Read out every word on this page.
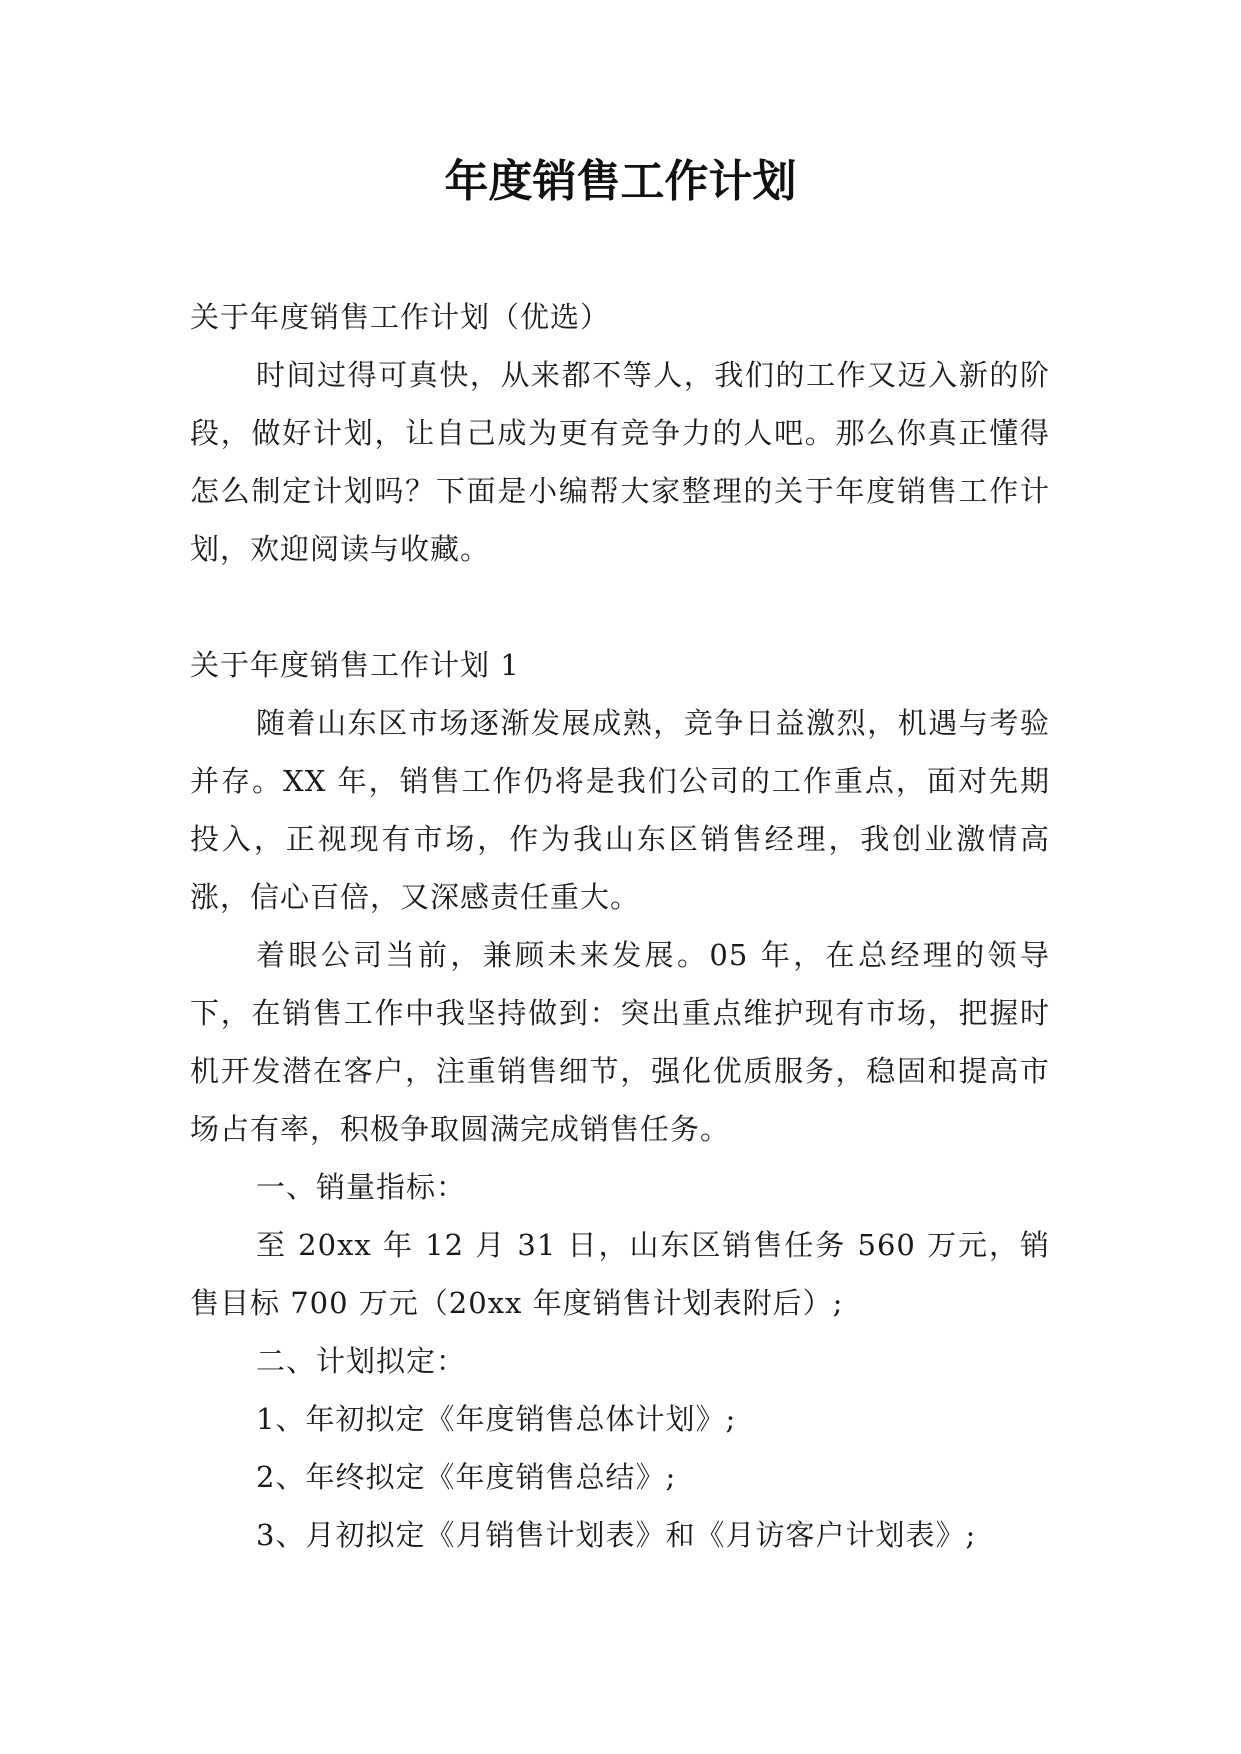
年度销售工作计划

关于年度销售工作计划（优选）

时间过得可真快，从来都不等人，我们的工作又迈入新的阶段，做好计划，让自己成为更有竞争力的人吧。那么你真正懂得怎么制定计划吗？下面是小编帮大家整理的关于年度销售工作计划，欢迎阅读与收藏。

关于年度销售工作计划 1

随着山东区市场逐渐发展成熟，竞争日益激烈，机遇与考验并存。XX 年，销售工作仍将是我们公司的工作重点，面对先期投入，正视现有市场，作为我山东区销售经理，我创业激情高涨，信心百倍，又深感责任重大。

着眼公司当前，兼顾未来发展。05 年，在总经理的领导下，在销售工作中我坚持做到：突出重点维护现有市场，把握时机开发潜在客户，注重销售细节，强化优质服务，稳固和提高市场占有率，积极争取圆满完成销售任务。

一、销量指标：

至 20xx 年 12 月 31 日，山东区销售任务 560 万元，销售目标 700 万元（20xx 年度销售计划表附后）;

二、计划拟定：

1、年初拟定《年度销售总体计划》;

2、年终拟定《年度销售总结》;

3、月初拟定《月销售计划表》和《月访客户计划表》;
